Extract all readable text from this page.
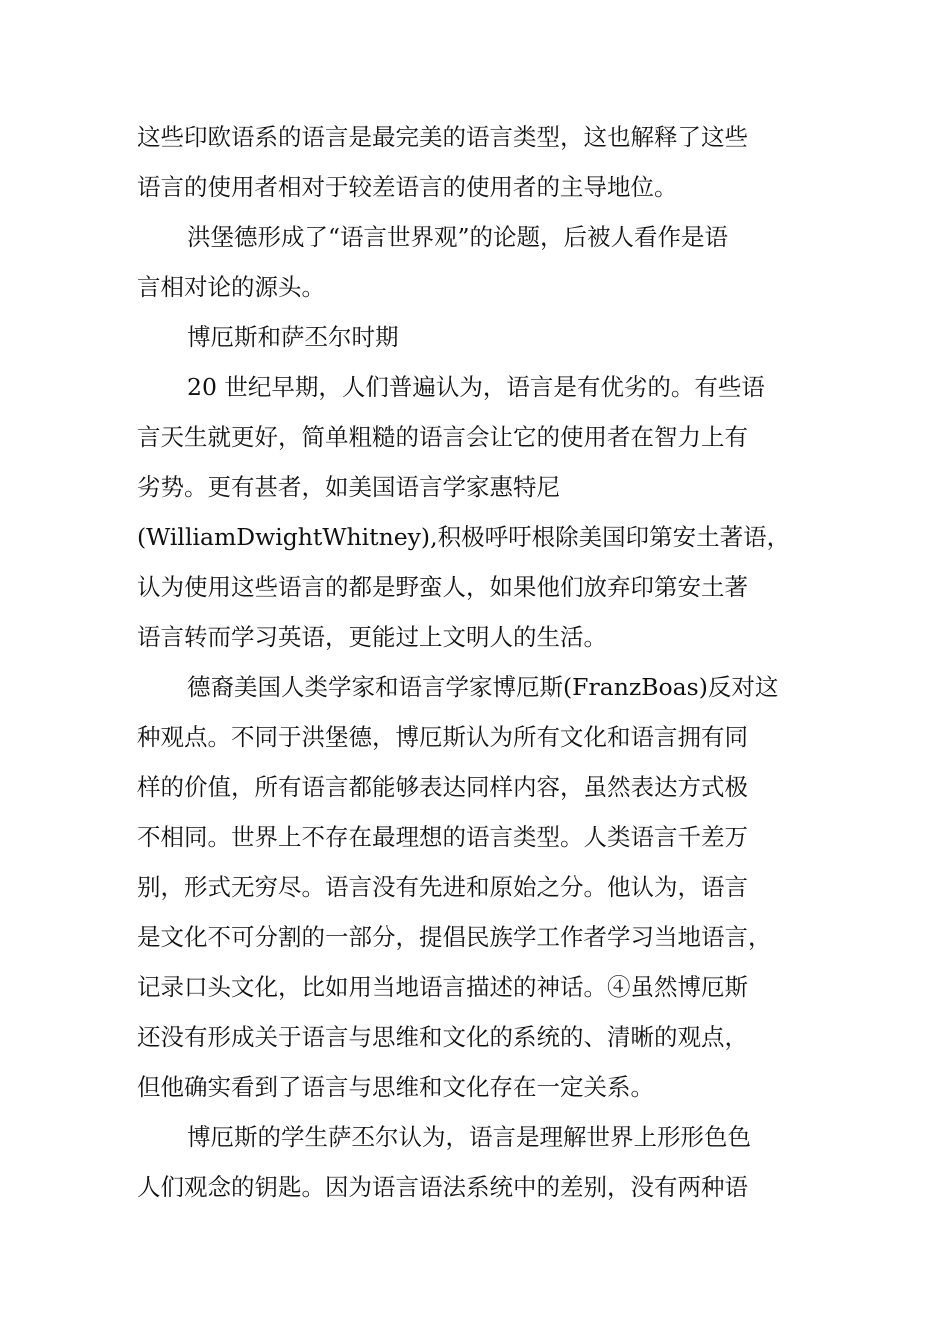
这些印欧语系的语言是最完美的语言类型，这也解释了这些
语言的使用者相对于较差语言的使用者的主导地位。
洪堡德形成了“语言世界观”的论题，后被人看作是语
言相对论的源头。
博厄斯和萨丕尔时期
20 世纪早期，人们普遍认为，语言是有优劣的。有些语
言天生就更好，简单粗糙的语言会让它的使用者在智力上有
劣势。更有甚者，如美国语言学家惠特尼
(WilliamDwightWhitney),积极呼吁根除美国印第安土著语，
认为使用这些语言的都是野蛮人，如果他们放弃印第安土著
语言转而学习英语，更能过上文明人的生活。
德裔美国人类学家和语言学家博厄斯(FranzBoas)反对这
种观点。不同于洪堡德，博厄斯认为所有文化和语言拥有同
样的价值，所有语言都能够表达同样内容，虽然表达方式极
不相同。世界上不存在最理想的语言类型。人类语言千差万
别，形式无穷尽。语言没有先进和原始之分。他认为，语言
是文化不可分割的一部分，提倡民族学工作者学习当地语言，
记录口头文化，比如用当地语言描述的神话。④虽然博厄斯
还没有形成关于语言与思维和文化的系统的、清晰的观点，
但他确实看到了语言与思维和文化存在一定关系。
博厄斯的学生萨丕尔认为，语言是理解世界上形形色色
人们观念的钥匙。因为语言语法系统中的差别，没有两种语
